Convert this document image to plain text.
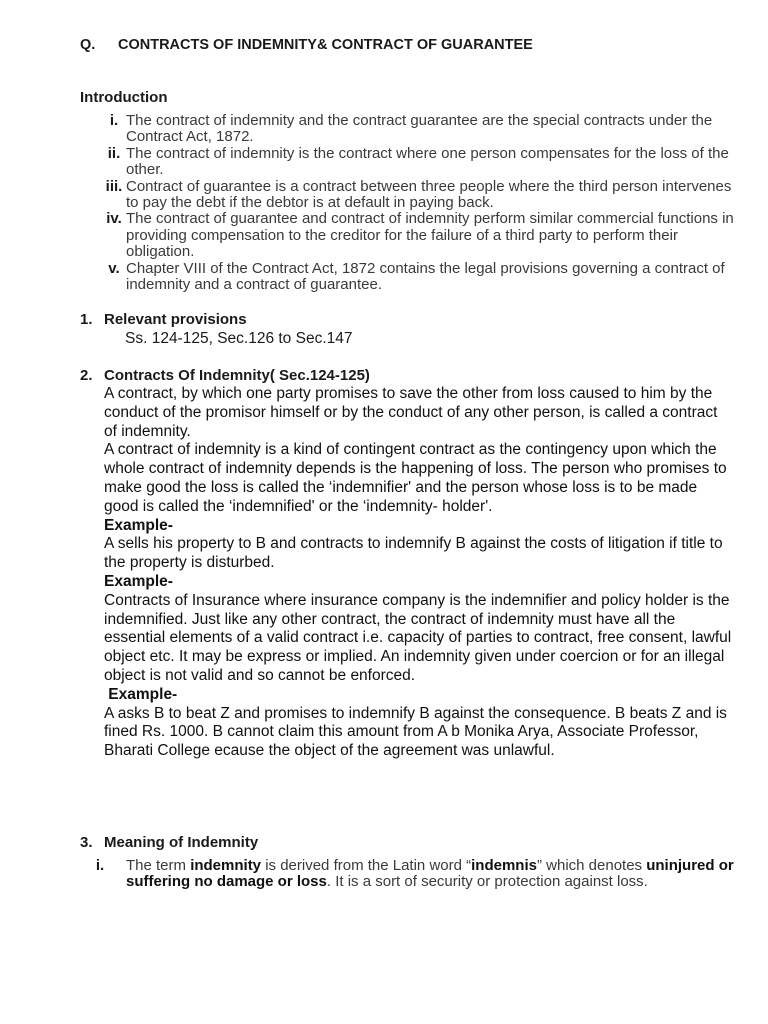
Q. CONTRACTS OF INDEMNITY& CONTRACT OF GUARANTEE
Introduction
i. The contract of indemnity and the contract guarantee are the special contracts under the Contract Act, 1872.
ii. The contract of indemnity is the contract where one person compensates for the loss of the other.
iii. Contract of guarantee is a contract between three people where the third person intervenes to pay the debt if the debtor is at default in paying back.
iv. The contract of guarantee and contract of indemnity perform similar commercial functions in providing compensation to the creditor for the failure of a third party to perform their obligation.
v. Chapter VIII of the Contract Act, 1872 contains the legal provisions governing a contract of indemnity and a contract of guarantee.
1. Relevant provisions
Ss. 124-125, Sec.126 to Sec.147
2. Contracts Of Indemnity( Sec.124-125)

A contract, by which one party promises to save the other from loss caused to him by the conduct of the promisor himself or by the conduct of any other person, is called a contract of indemnity.

A contract of indemnity is a kind of contingent contract as the contingency upon which the whole contract of indemnity depends is the happening of loss. The person who promises to make good the loss is called the ‘indemnifier' and the person whose loss is to be made good is called the ‘indemnified' or the ‘indemnity- holder'.

Example-

A sells his property to B and contracts to indemnify B against the costs of litigation if title to the property is disturbed.

Example-

Contracts of Insurance where insurance company is the indemnifier and policy holder is the indemnified. Just like any other contract, the contract of indemnity must have all the essential elements of a valid contract i.e. capacity of parties to contract, free consent, lawful object etc. It may be express or implied. An indemnity given under coercion or for an illegal object is not valid and so cannot be enforced.

Example-

A asks B to beat Z and promises to indemnify B against the consequence. B beats Z and is fined Rs. 1000. B cannot claim this amount from A b Monika Arya, Associate Professor, Bharati College ecause the object of the agreement was unlawful.

3. Meaning of Indemnity
i.	The term indemnity is derived from the Latin word “indemnis” which denotes uninjured or suffering no damage or loss. It is a sort of security or protection against loss.
